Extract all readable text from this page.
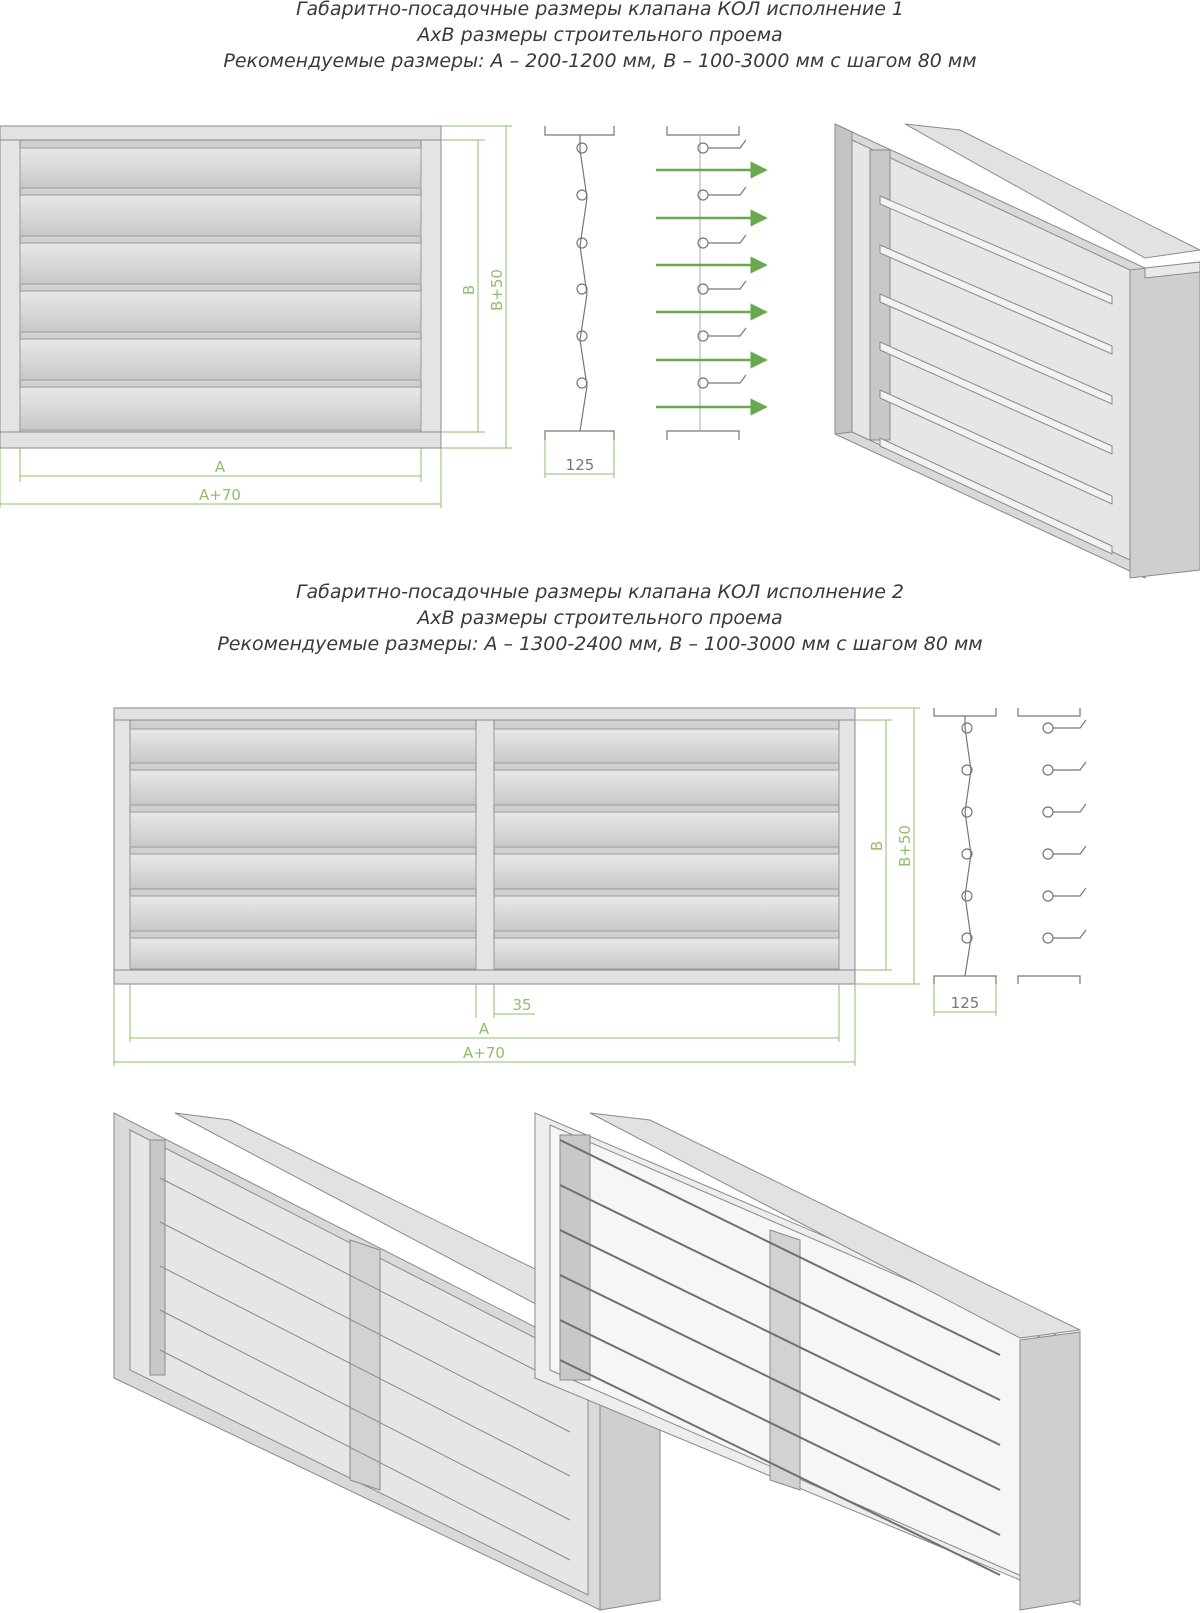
Габаритно-посадочные размеры клапана КОЛ исполнение 1
AxB размеры строительного проема
Рекомендуемые размеры: А – 200-1200 мм, В – 100-3000 мм с шагом 80 мм
Габаритно-посадочные размеры клапана КОЛ исполнение 2
AxB размеры строительного проема
Рекомендуемые размеры: А – 1300-2400 мм, В – 100-3000 мм с шагом 80 мм
B B+50
A
A+70
125
B B+50
35
A
A+70
125
